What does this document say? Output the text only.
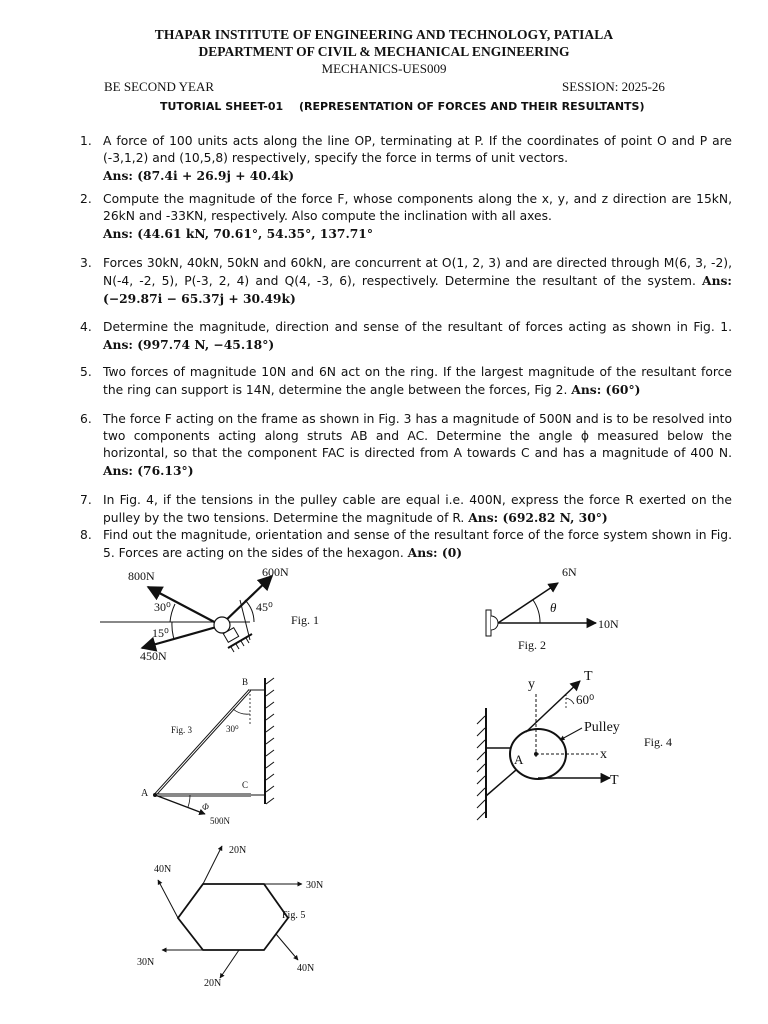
THAPAR INSTITUTE OF ENGINEERING AND TECHNOLOGY, PATIALA
DEPARTMENT OF CIVIL & MECHANICAL ENGINEERING
MECHANICS-UES009
BE SECOND YEAR	SESSION: 2025-26
TUTORIAL SHEET-01 (REPRESENTATION OF FORCES AND THEIR RESULTANTS)
1. A force of 100 units acts along the line OP, terminating at P. If the coordinates of point O and P are (-3,1,2) and (10,5,8) respectively, specify the force in terms of unit vectors.
Ans: (87.4i + 26.9j + 40.4k)
2. Compute the magnitude of the force F, whose components along the x, y, and z direction are 15kN, 26kN and -33KN, respectively. Also compute the inclination with all axes.
Ans: (44.61 kN, 70.61°, 54.35°, 137.71°
3. Forces 30kN, 40kN, 50kN and 60kN, are concurrent at O(1, 2, 3) and are directed through M(6, 3, -2), N(-4, -2, 5), P(-3, 2, 4) and Q(4, -3, 6), respectively. Determine the resultant of the system. Ans: (−29.87i − 65.37j + 30.49k)
4. Determine the magnitude, direction and sense of the resultant of forces acting as shown in Fig. 1. Ans: (997.74 N, −45.18°)
5. Two forces of magnitude 10N and 6N act on the ring. If the largest magnitude of the resultant force the ring can support is 14N, determine the angle between the forces, Fig 2. Ans: (60°)
6. The force F acting on the frame as shown in Fig. 3 has a magnitude of 500N and is to be resolved into two components acting along struts AB and AC. Determine the angle ϕ measured below the horizontal, so that the component FAC is directed from A towards C and has a magnitude of 400 N. Ans: (76.13°)
7. In Fig. 4, if the tensions in the pulley cable are equal i.e. 400N, express the force R exerted on the pulley by the two tensions. Determine the magnitude of R. Ans: (692.82 N, 30°)
8. Find out the magnitude, orientation and sense of the resultant force of the force system shown in Fig. 5. Forces are acting on the sides of the hexagon. Ans: (0)
800N	600N
450N
30⁰	45⁰
15⁰
Fig. 1
6N
10N
θ
Fig. 2
B
A
C
30⁰
Φ
500N
Fig. 3
y
x
T
T
60⁰
Pulley
A
Fig. 4
20N
40N
30N
30N
20N
40N
Fig. 5
